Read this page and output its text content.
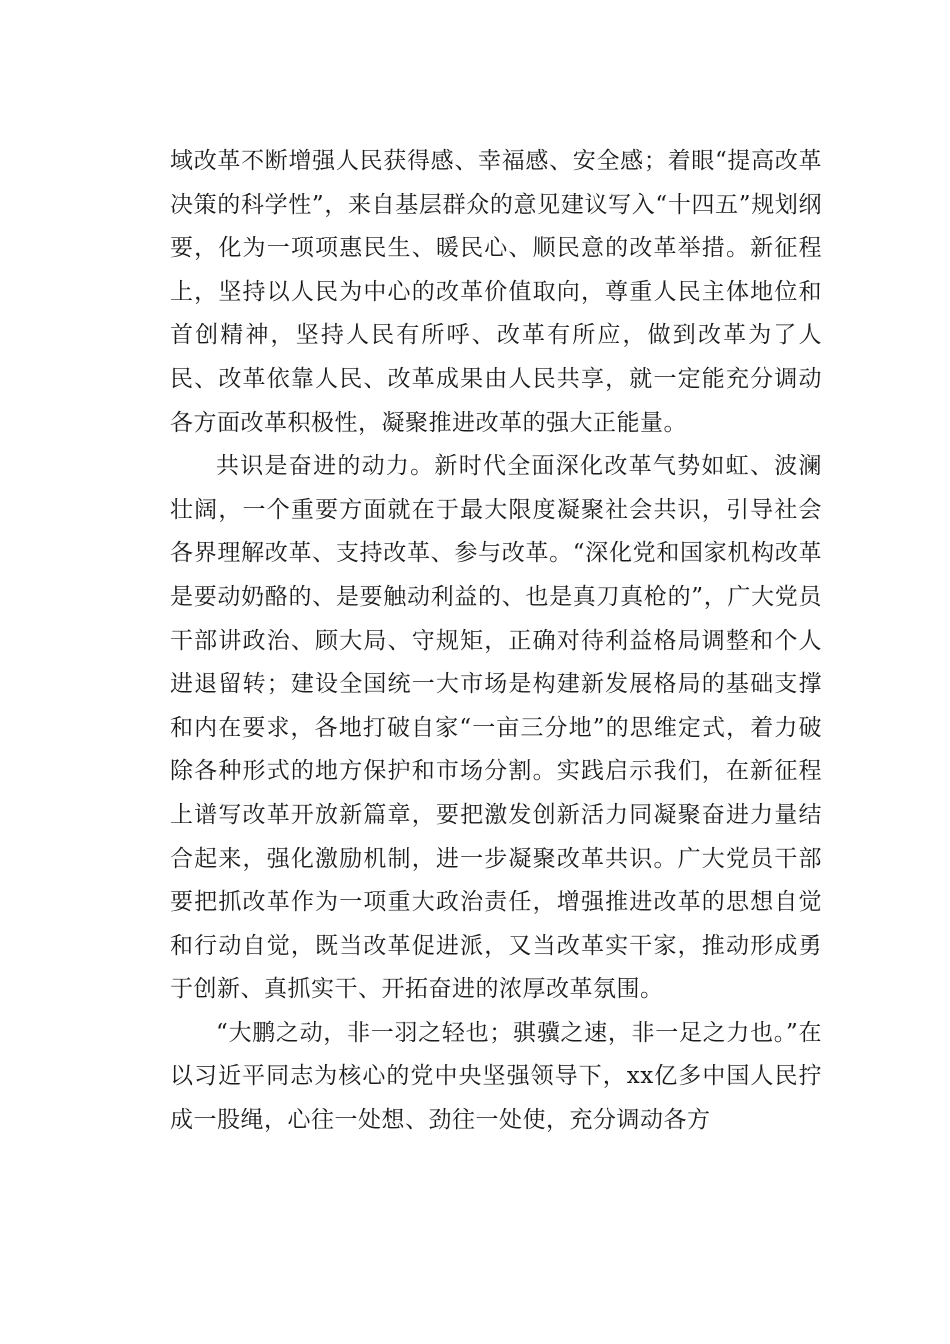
域改革不断增强人民获得感、幸福感、安全感；着眼“提高改革决策的科学性”，来自基层群众的意见建议写入“十四五”规划纲要，化为一项项惠民生、暖民心、顺民意的改革举措。新征程上，坚持以人民为中心的改革价值取向，尊重人民主体地位和首创精神，坚持人民有所呼、改革有所应，做到改革为了人民、改革依靠人民、改革成果由人民共享，就一定能充分调动各方面改革积极性，凝聚推进改革的强大正能量。

共识是奋进的动力。新时代全面深化改革气势如虹、波澜壮阔，一个重要方面就在于最大限度凝聚社会共识，引导社会各界理解改革、支持改革、参与改革。“深化党和国家机构改革是要动奶酪的、是要触动利益的、也是真刀真枪的”，广大党员干部讲政治、顾大局、守规矩，正确对待利益格局调整和个人进退留转；建设全国统一大市场是构建新发展格局的基础支撑和内在要求，各地打破自家“一亩三分地”的思维定式，着力破除各种形式的地方保护和市场分割。实践启示我们，在新征程上谱写改革开放新篇章，要把激发创新活力同凝聚奋进力量结合起来，强化激励机制，进一步凝聚改革共识。广大党员干部要把抓改革作为一项重大政治责任，增强推进改革的思想自觉和行动自觉，既当改革促进派，又当改革实干家，推动形成勇于创新、真抓实干、开拓奋进的浓厚改革氛围。

“大鹏之动，非一羽之轻也；骐骥之速，非一足之力也。”在以习近平同志为核心的党中央坚强领导下，xx亿多中国人民拧成一股绳，心往一处想、劲往一处使，充分调动各方
